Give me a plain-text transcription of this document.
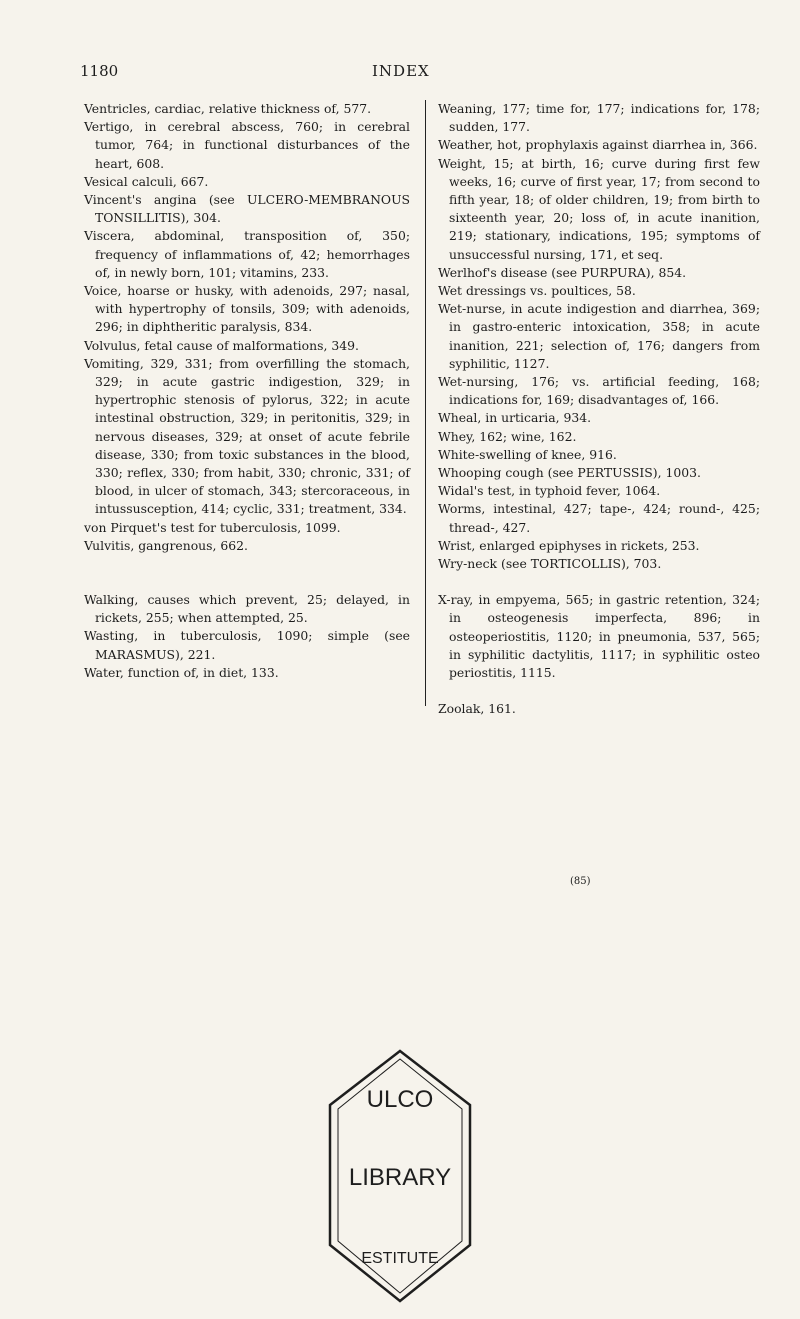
1180	INDEX

Ventricles, cardiac, relative thickness of, 577.

Vertigo, in cerebral abscess, 760; in cerebral tumor, 764; in functional disturbances of the heart, 608.

Vesical calculi, 667.

Vincent's angina (see ULCERO-MEMBRANOUS TONSILLITIS), 304.

Viscera, abdominal, transposition of, 350; frequency of inflammations of, 42; hemorrhages of, in newly born, 101; vitamins, 233.

Voice, hoarse or husky, with adenoids, 297; nasal, with hypertrophy of tonsils, 309; with adenoids, 296; in diphtheritic paralysis, 834.

Volvulus, fetal cause of malformations, 349.

Vomiting, 329, 331; from overfilling the stomach, 329; in acute gastric indigestion, 329; in hypertrophic stenosis of pylorus, 322; in acute intestinal obstruction, 329; in peritonitis, 329; in nervous diseases, 329; at onset of acute febrile disease, 330; from toxic substances in the blood, 330; reflex, 330; from habit, 330; chronic, 331; of blood, in ulcer of stomach, 343; stercoraceous, in intussusception, 414; cyclic, 331; treatment, 334.

von Pirquet's test for tuberculosis, 1099.

Vulvitis, gangrenous, 662.

Walking, causes which prevent, 25; delayed, in rickets, 255; when attempted, 25.

Wasting, in tuberculosis, 1090; simple (see MARASMUS), 221.

Water, function of, in diet, 133.

Weaning, 177; time for, 177; indications for, 178; sudden, 177.

Weather, hot, prophylaxis against diarrhea in, 366.

Weight, 15; at birth, 16; curve during first few weeks, 16; curve of first year, 17; from second to fifth year, 18; of older children, 19; from birth to sixteenth year, 20; loss of, in acute inanition, 219; stationary, indications, 195; symptoms of unsuccessful nursing, 171, et seq.

Werlhof's disease (see PURPURA), 854.

Wet dressings vs. poultices, 58.

Wet-nurse, in acute indigestion and diarrhea, 369; in gastro-enteric intoxication, 358; in acute inanition, 221; selection of, 176; dangers from syphilitic, 1127.

Wet-nursing, 176; vs. artificial feeding, 168; indications for, 169; disadvantages of, 166.

Wheal, in urticaria, 934.

Whey, 162; wine, 162.

White-swelling of knee, 916.

Whooping cough (see PERTUSSIS), 1003.

Widal's test, in typhoid fever, 1064.

Worms, intestinal, 427; tape-, 424; round-, 425; thread-, 427.

Wrist, enlarged epiphyses in rickets, 253.

Wry-neck (see TORTICOLLIS), 703.

X-ray, in empyema, 565; in gastric retention, 324; in osteogenesis imperfecta, 896; in osteoperiostitis, 1120; in pneumonia, 537, 565; in syphilitic dactylitis, 1117; in syphilitic osteo periostitis, 1115.

Zoolak, 161.

(85)
ULCO
LIBRARY
ESTITUTE
